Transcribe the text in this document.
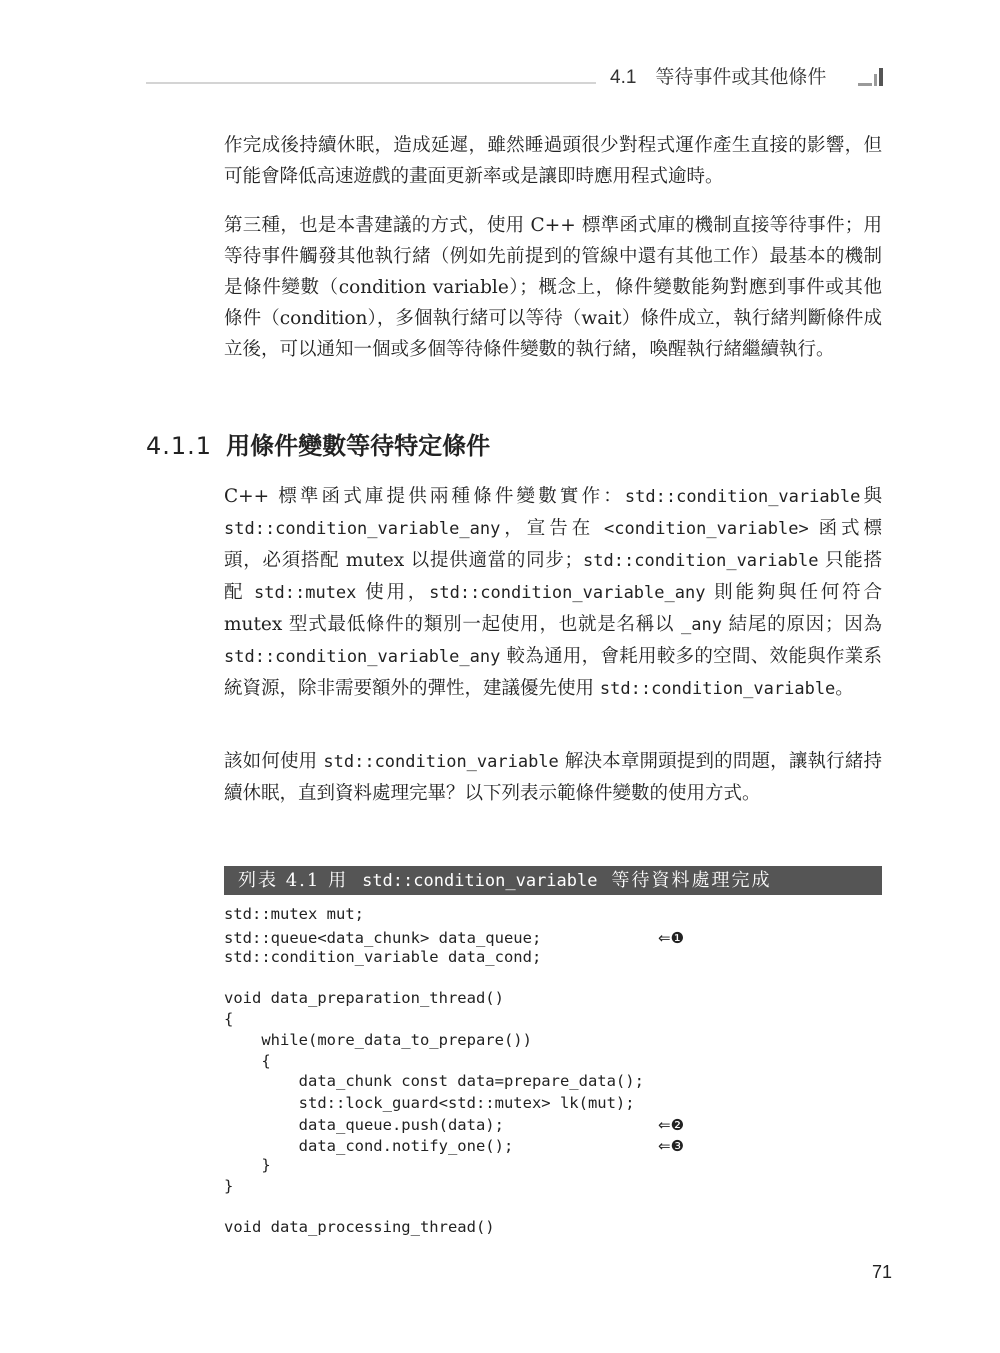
4.1　等待事件或其他條件
作完成後持續休眠，造成延遲，雖然睡過頭很少對程式運作產生直接的影響，但可能會降低高速遊戲的畫面更新率或是讓即時應用程式逾時。
第三種，也是本書建議的方式，使用 C++ 標準函式庫的機制直接等待事件；用等待事件觸發其他執行緒（例如先前提到的管線中還有其他工作）最基本的機制是條件變數（condition variable）；概念上，條件變數能夠對應到事件或其他條件（condition），多個執行緒可以等待（wait）條件成立，執行緒判斷條件成立後，可以通知一個或多個等待條件變數的執行緒，喚醒執行緒繼續執行。
4.1.1 用條件變數等待特定條件
C++ 標準函式庫提供兩種條件變數實作：std::condition_variable與 std::condition_variable_any，宣告在 <condition_variable> 函式標頭，必須搭配 mutex 以提供適當的同步；std::condition_variable 只能搭配 std::mutex 使用，std::condition_variable_any 則能夠與任何符合 mutex 型式最低條件的類別一起使用，也就是名稱以 _any 結尾的原因；因為 std::condition_variable_any 較為通用，會耗用較多的空間、效能與作業系統資源，除非需要額外的彈性，建議優先使用 std::condition_variable。
該如何使用 std::condition_variable 解決本章開頭提到的問題，讓執行緒持續休眠，直到資料處理完畢？以下列表示範條件變數的使用方式。
列表 4.1 用 std::condition_variable 等待資料處理完成
std::mutex mut;
std::queue<data_chunk> data_queue;
std::condition_variable data_cond;
void data_preparation_thread()
{
while(more_data_to_prepare())
{
data_chunk const data=prepare_data();
std::lock_guard<std::mutex> lk(mut);
data_queue.push(data);
data_cond.notify_one();
}
}
void data_processing_thread()
⇐❶
⇐❷
⇐❸
71
